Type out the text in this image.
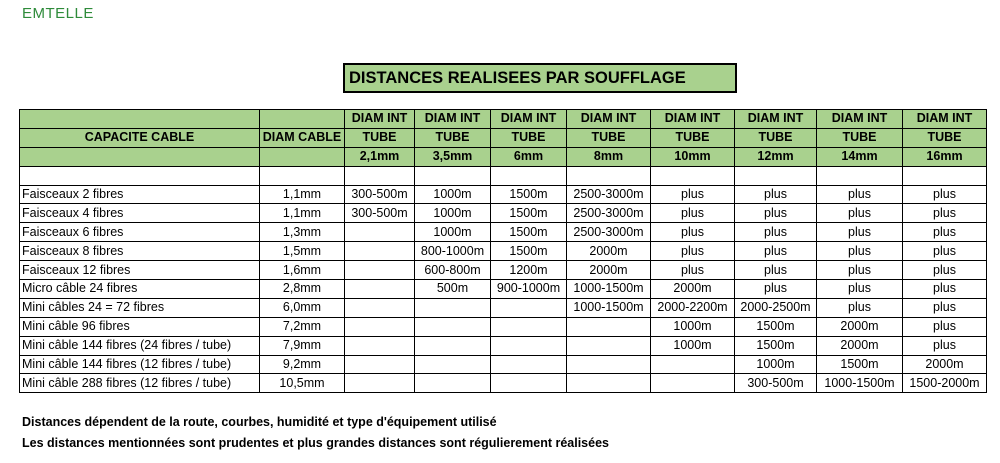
EMTELLE
DISTANCES REALISEES PAR SOUFFLAGE
		DIAM INT	DIAM INT	DIAM INT	DIAM INT	DIAM INT	DIAM INT	DIAM INT	DIAM INT
CAPACITE CABLE	DIAM CABLE	TUBE	TUBE	TUBE	TUBE	TUBE	TUBE	TUBE	TUBE
		2,1mm	3,5mm	6mm	8mm	10mm	12mm	14mm	16mm

Faisceaux 2 fibres	1,1mm	300-500m	1000m	1500m	2500-3000m	plus	plus	plus	plus
Faisceaux 4 fibres	1,1mm	300-500m	1000m	1500m	2500-3000m	plus	plus	plus	plus
Faisceaux 6 fibres	1,3mm		1000m	1500m	2500-3000m	plus	plus	plus	plus
Faisceaux 8 fibres	1,5mm		800-1000m	1500m	2000m	plus	plus	plus	plus
Faisceaux 12 fibres	1,6mm		600-800m	1200m	2000m	plus	plus	plus	plus
Micro câble 24 fibres	2,8mm		500m	900-1000m	1000-1500m	2000m	plus	plus	plus
Mini câbles 24 = 72 fibres	6,0mm				1000-1500m	2000-2200m	2000-2500m	plus	plus
Mini câble 96 fibres	7,2mm					1000m	1500m	2000m	plus
Mini câble 144 fibres (24 fibres / tube)	7,9mm					1000m	1500m	2000m	plus
Mini câble 144 fibres (12 fibres / tube)	9,2mm						1000m	1500m	2000m
Mini câble 288 fibres (12 fibres / tube)	10,5mm						300-500m	1000-1500m	1500-2000m
Distances dépendent de la route, courbes, humidité et type d'équipement utilisé
Les distances mentionnées sont prudentes et plus grandes distances sont régulierement réalisées
